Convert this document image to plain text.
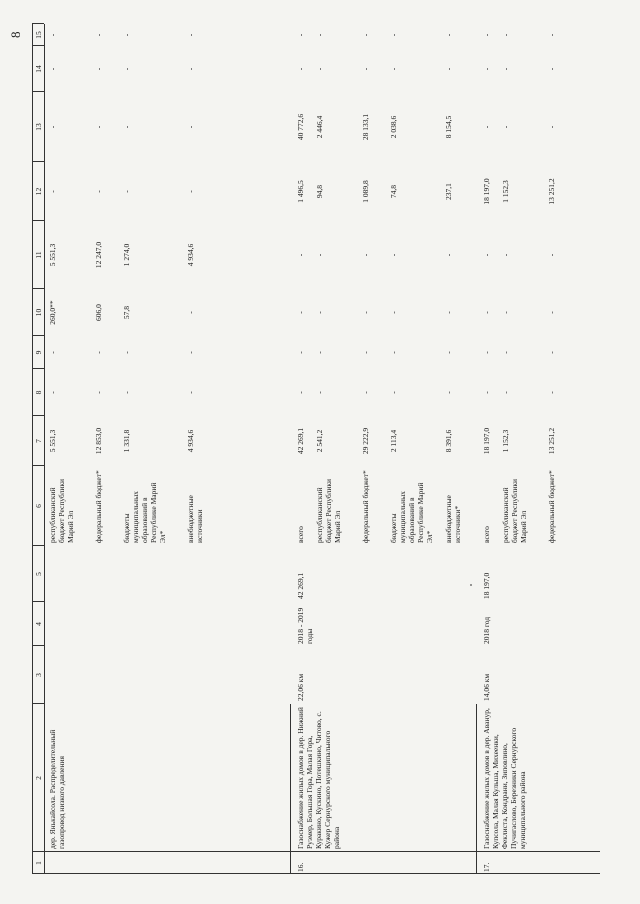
8
1
2
3
4
5
6
7
8
9
10
11
12
13
14
15
дер. Янькайсола. Распределительный газопровод низкого давления
республиканский бюджет Республики Марий Эл
5 551,3
-
-
260,0**
5 551,3
-
-
-
-
федеральный бюджет*
12 853,0
-
-
606,0
12 247,0
-
-
-
-
бюджеты муниципальных образований в Республике Марий Эл*
1 331,8
-
-
57,8
1 274,0
-
-
-
-
внебюджетные источники
4 934,6
-
-
-
4 934,6
-
-
-
-
16.
Газоснабжение жилых домов в дер. Нижний Руэмер, Большая Гора, Малая Гора, Куракино, Кускино, Потешкино, Читово, с. Кужер Сернурского муниципального района
22,06 км
2018 - 2019 годы
42 269,1
всего
42 269,1
-
-
-
-
1 496,5
40 772,6
-
-
республиканский бюджет Республики Марий Эл
2 541,2
-
-
-
-
94,8
2 446,4
-
-
федеральный бюджет*
29 222,9
-
-
-
-
1 089,8
28 133,1
-
-
бюджеты муниципальных образований в Республике Марий Эл*
2 113,4
-
-
-
-
74,8
2 038,6
-
-
внебюджетные источники*
8 391,6
-
-
-
-
237,1
8 154,5
-
-
17.
Газоснабжение жилых домов в дер. Аванур, Купсола, Малая Кульша, Михеенки, Феклиста, Кондрани, Зиповлино, Пучигаслово, Березники Сернурского муниципального района
14,06 км
2018 год
18 197,0
всего
18 197,0
-
-
-
-
18 197,0
-
-
-
республиканский бюджет Республики Марий Эл
1 152,3
-
-
-
-
1 152,3
-
-
-
федеральный бюджет*
13 251,2
-
-
-
-
13 251,2
-
-
-
